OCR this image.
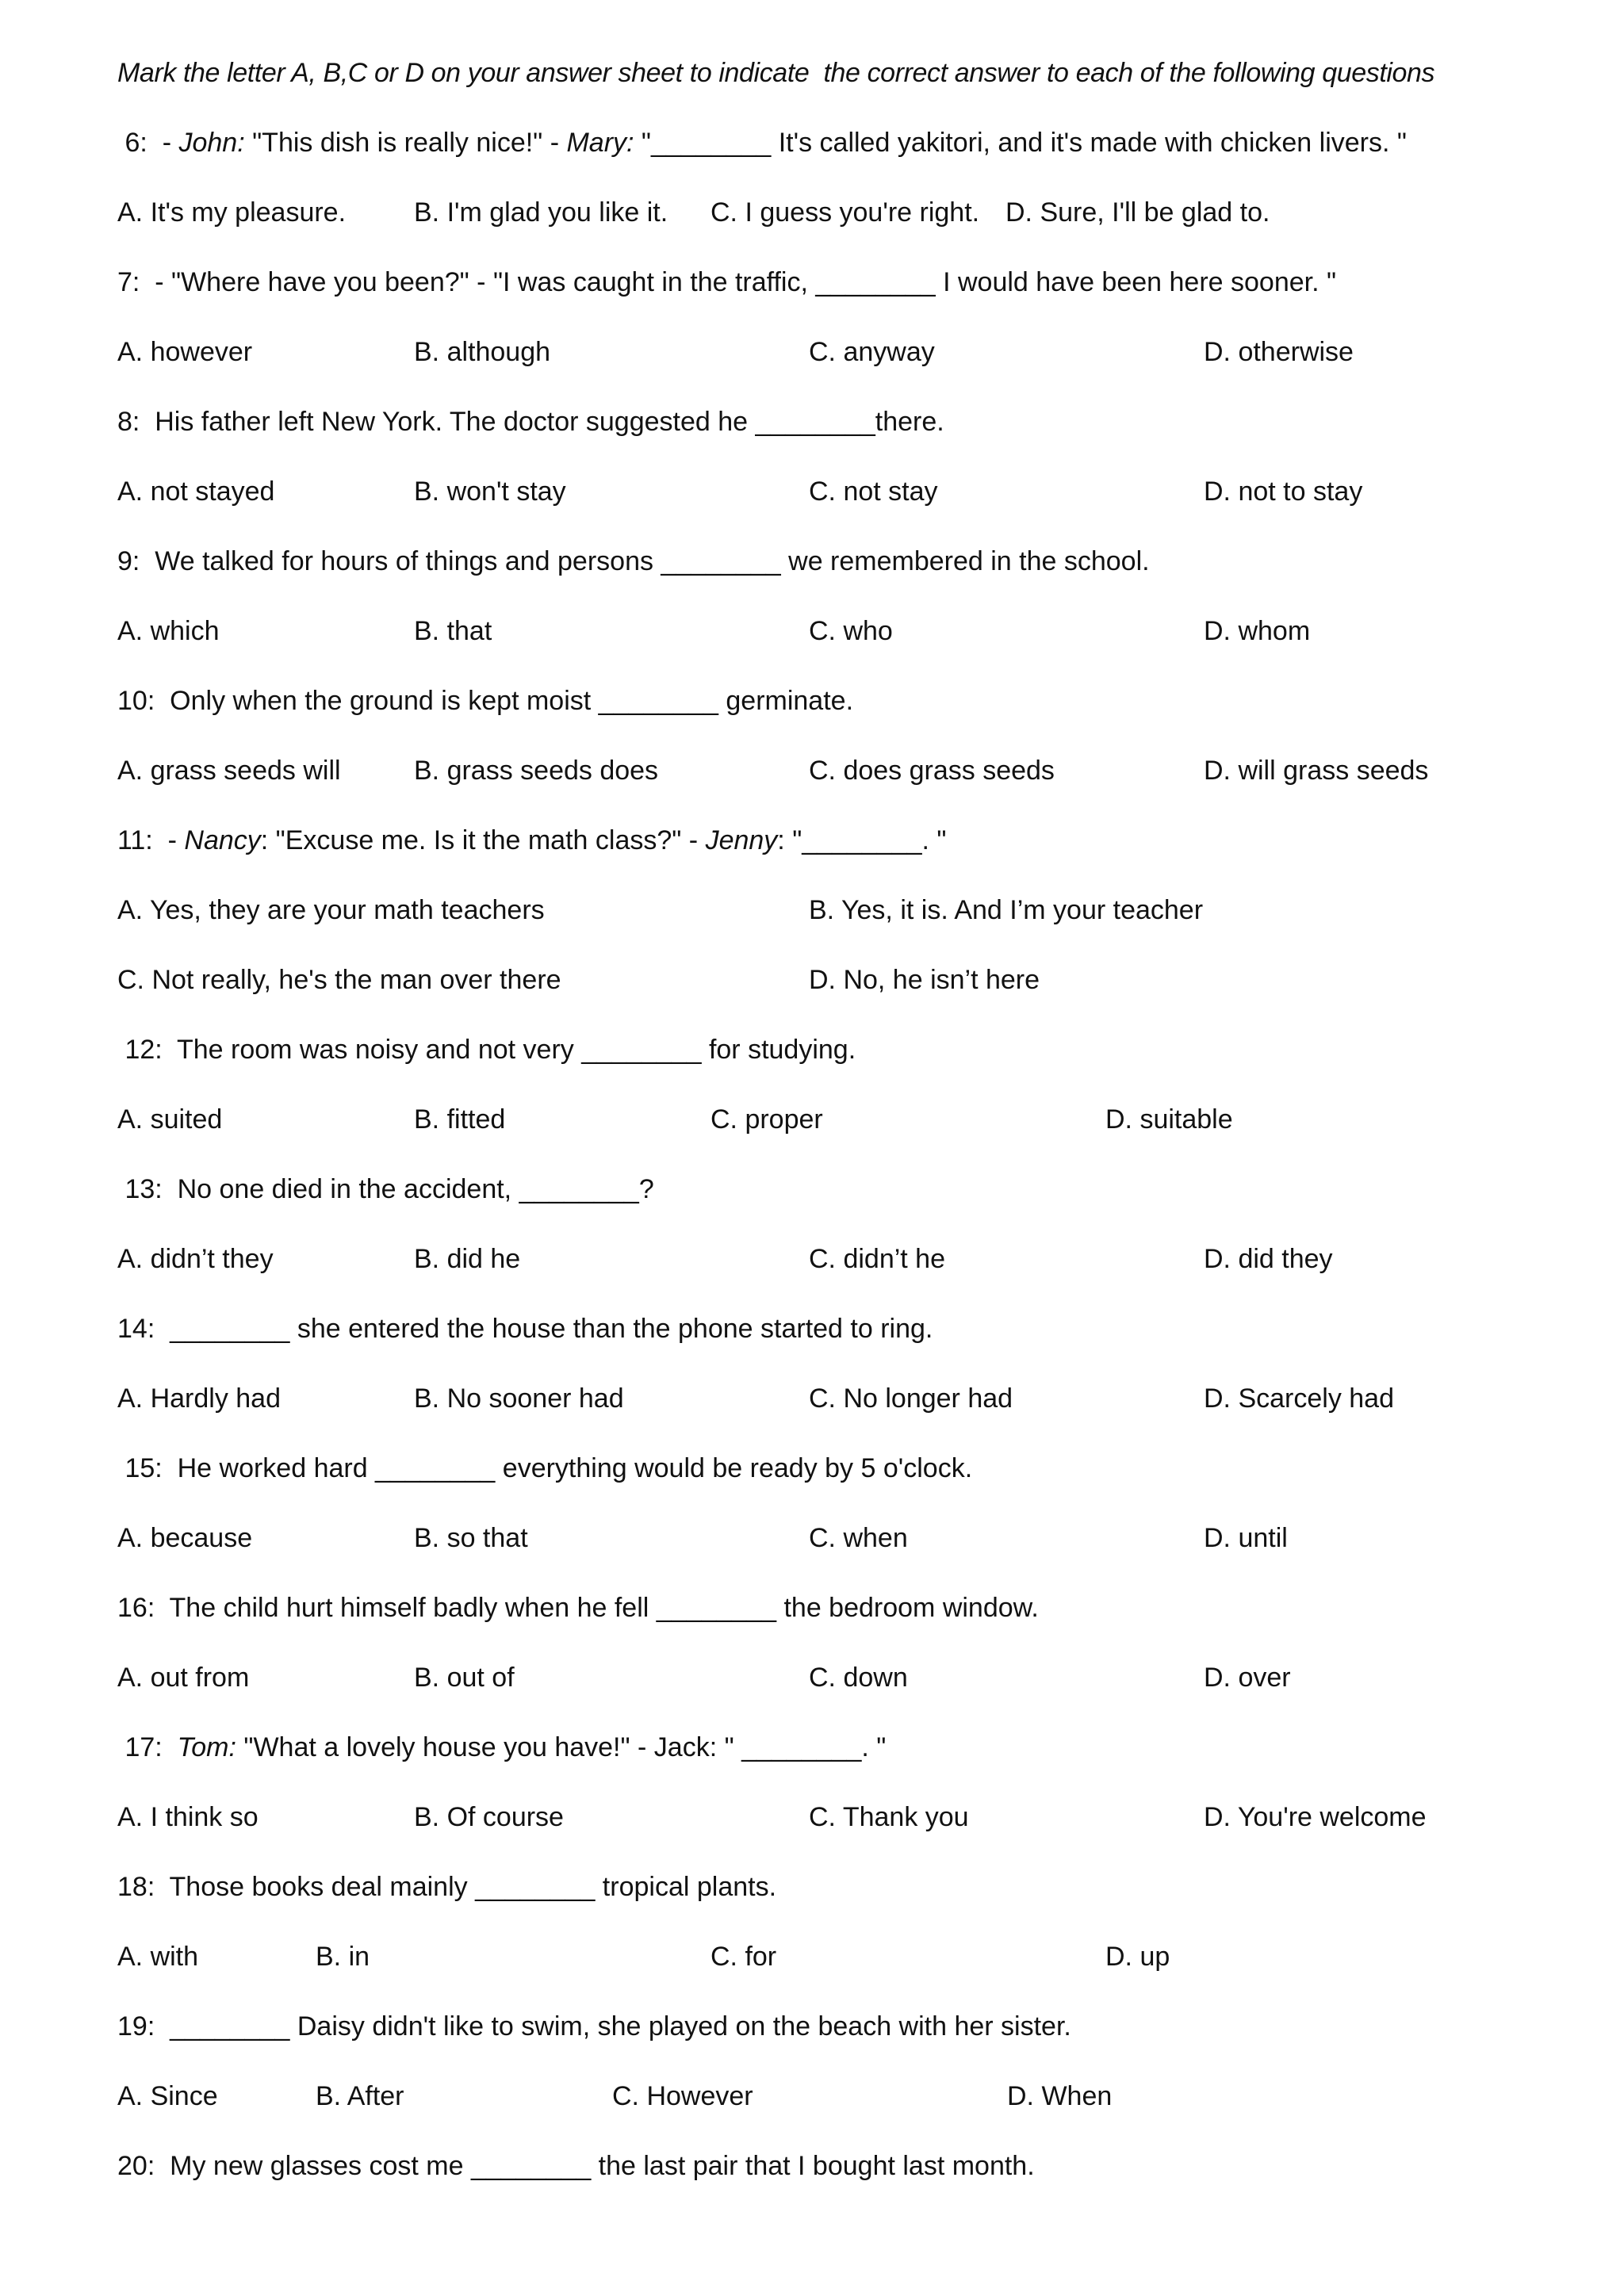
Mark the letter A, B,C or D on your answer sheet to indicate  the correct answer to each of the following questions
6:  - John: "This dish is really nice!" - Mary: "________ It's called yakitori, and it's made with chicken livers. "
A. It's my pleasure.	B. I'm glad you like it. C. I guess you're right. D. Sure, I'll be glad to.
7:  - "Where have you been?" - "I was caught in the traffic, ________ I would have been here sooner. "
A. however	B. although	C. anyway	D. otherwise
8:  His father left New York. The doctor suggested he ________there.
A. not stayed	B. won't stay	C. not stay	D. not to stay
9:  We talked for hours of things and persons ________ we remembered in the school.
A. which	B. that	C. who	D. whom
10:  Only when the ground is kept moist ________ germinate.
A. grass seeds will	B. grass seeds does	C. does grass seeds	D. will grass seeds
11:  - Nancy: "Excuse me. Is it the math class?" - Jenny: "________. "
A. Yes, they are your math teachers	B. Yes, it is. And I’m your teacher
C. Not really, he's the man over there	D. No, he isn’t here
12:  The room was noisy and not very ________ for studying.
A. suited	B. fitted	C. proper	D. suitable
13:  No one died in the accident, ________?
A. didn’t they	B. did he	C. didn’t he	D. did they
14:  ________ she entered the house than the phone started to ring.
A. Hardly had	B. No sooner had	C. No longer had	D. Scarcely had
15:  He worked hard ________ everything would be ready by 5 o'clock.
A. because	B. so that	C. when	D. until
16:  The child hurt himself badly when he fell ________ the bedroom window.
A. out from	B. out of	C. down	D. over
17:  Tom: "What a lovely house you have!" - Jack: " ________. "
A. I think so	B. Of course	C. Thank you	D. You're welcome
18:  Those books deal mainly ________ tropical plants.
A. with	B. in	C. for	D. up
19:  ________ Daisy didn't like to swim, she played on the beach with her sister.
A. Since	B. After	C. However	D. When
20:  My new glasses cost me ________ the last pair that I bought last month.
